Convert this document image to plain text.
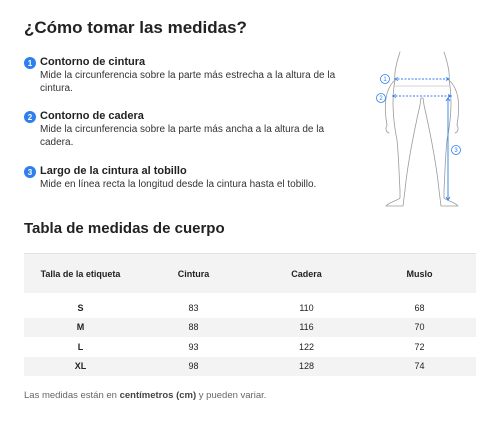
¿Cómo tomar las medidas?
1 Contorno de cintura
Mide la circunferencia sobre la parte más estrecha a la altura de la cintura.
2 Contorno de cadera
Mide la circunferencia sobre la parte más ancha a la altura de la cadera.
3 Largo de la cintura al tobillo
Mide en línea recta la longitud desde la cintura hasta el tobillo.
1
2
3
Tabla de medidas de cuerpo
Talla de la etiqueta	Cintura	Cadera	Muslo
S	83	110	68
M	88	116	70
L	93	122	72
XL	98	128	74
Las medidas están en centímetros (cm) y pueden variar.
